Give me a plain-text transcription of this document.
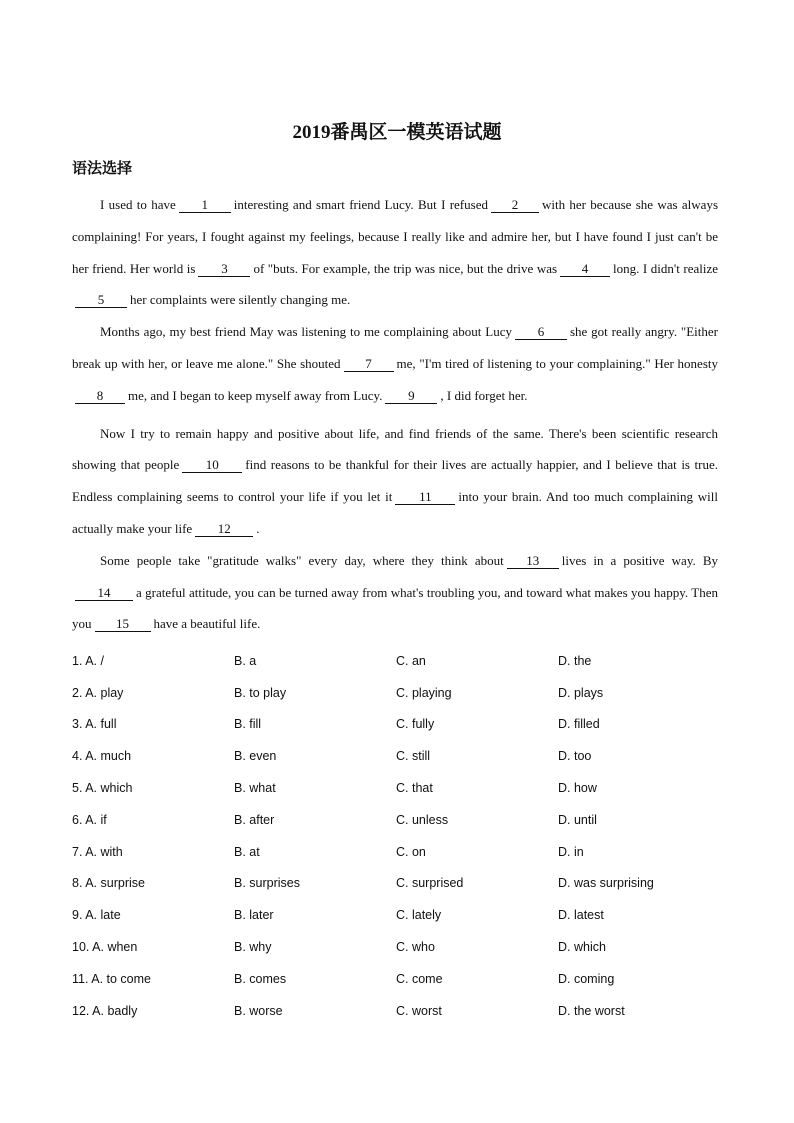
2019番禺区一模英语试题
语法选择

I used to have 1 interesting and smart friend Lucy. But I refused 2 with her because she was always complaining! For years, I fought against my feelings, because I really like and admire her, but I have found I just can't be her friend. Her world is 3 of "buts. For example, the trip was nice, but the drive was 4 long. I didn't realize5 her complaints were silently changing me.

Months ago, my best friend May was listening to me complaining about Lucy 6 she got really angry. "Either break up with her, or leave me alone." She shouted 7 me, "I'm tired of listening to your complaining." Her honesty8 me, and I began to keep myself away from Lucy. 9 , I did forget her.

Now I try to remain happy and positive about life, and find friends of the same. There's been scientific research showing that people 10 find reasons to be thankful for their lives are actually happier, and I believe that is true. Endless complaining seems to control your life if you let it 11 into your brain. And too much complaining will actually make your life 12 .

Some people take "gratitude walks" every day, where they think about 13 lives in a positive way. By14 a grateful attitude, you can be turned away from what's troubling you, and toward what makes you happy. Then you 15 have a beautiful life.

1. A. /	B. a	C. an	D. the
2. A. play	B. to play	C. playing	D. plays
3. A. full	B. fill	C. fully	D. filled
4. A. much	B. even	C. still	D. too
5. A. which	B. what	C. that	D. how
6. A. if	B. after	C. unless	D. until
7. A. with	B. at	C. on	D. in
8. A. surprise	B. surprises	C. surprised	D. was surprising
9. A. late	B. later	C. lately	D. latest
10. A. when	B. why	C. who	D. which
11. A. to come	B. comes	C. come	D. coming
12. A. badly	B. worse	C. worst	D. the worst
